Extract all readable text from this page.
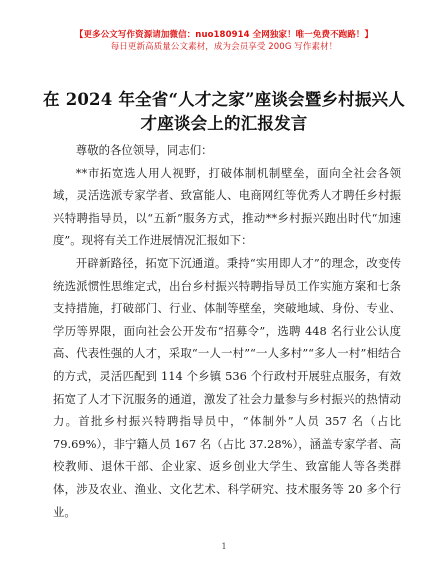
【更多公文写作资源请加微信：nuo180914 全网独家！唯一免费不跑路！】
每日更新高质量公文素材，成为会员享受 200G 写作素材！
在 2024 年全省“人才之家”座谈会暨乡村振兴人才座谈会上的汇报发言

尊敬的各位领导，同志们：

**市拓宽选人用人视野，打破体制机制壁垒，面向全社会各领域，灵活选派专家学者、致富能人、电商网红等优秀人才聘任乡村振兴特聘指导员，以“五新”服务方式，推动**乡村振兴跑出时代“加速度”。现将有关工作进展情况汇报如下：

开辟新路径，拓宽下沉通道。秉持“实用即人才”的理念，改变传统选派惯性思维定式，出台乡村振兴特聘指导员工作实施方案和七条支持措施，打破部门、行业、体制等壁垒，突破地域、身份、专业、学历等界限，面向社会公开发布“招募令”，选聘 448 名行业公认度高、代表性强的人才，采取“一人一村”“一人多村”“多人一村”相结合的方式，灵活匹配到 114 个乡镇 536 个行政村开展驻点服务，有效拓宽了人才下沉服务的通道，激发了社会力量参与乡村振兴的热情动力。首批乡村振兴特聘指导员中，“体制外”人员 357 名（占比 79.69%），非宁籍人员 167 名（占比 37.28%），涵盖专家学者、高校教师、退休干部、企业家、返乡创业大学生、致富能人等各类群体，涉及农业、渔业、文化艺术、科学研究、技术服务等 20 多个行业。

1
